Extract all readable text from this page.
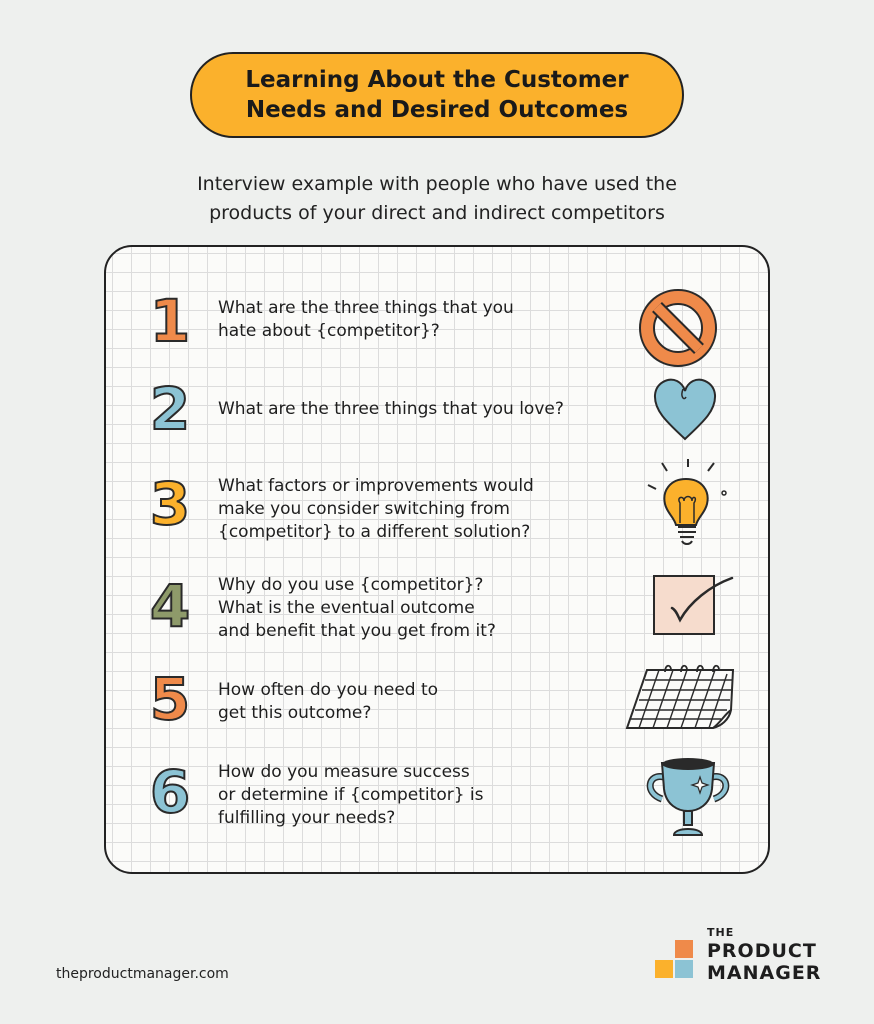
Learning About the Customer
Needs and Desired Outcomes
Interview example with people who have used the
products of your direct and indirect competitors
1 What are the three things that you
hate about {competitor}?
2 What are the three things that you love?
3 What factors or improvements would
make you consider switching from
{competitor} to a different solution?
4 Why do you use {competitor}?
What is the eventual outcome
and benefit that you get from it?
5 How often do you need to
get this outcome?
6 How do you measure success
or determine if {competitor} is
fulfilling your needs?
theproductmanager.com
THE
PRODUCT
MANAGER
